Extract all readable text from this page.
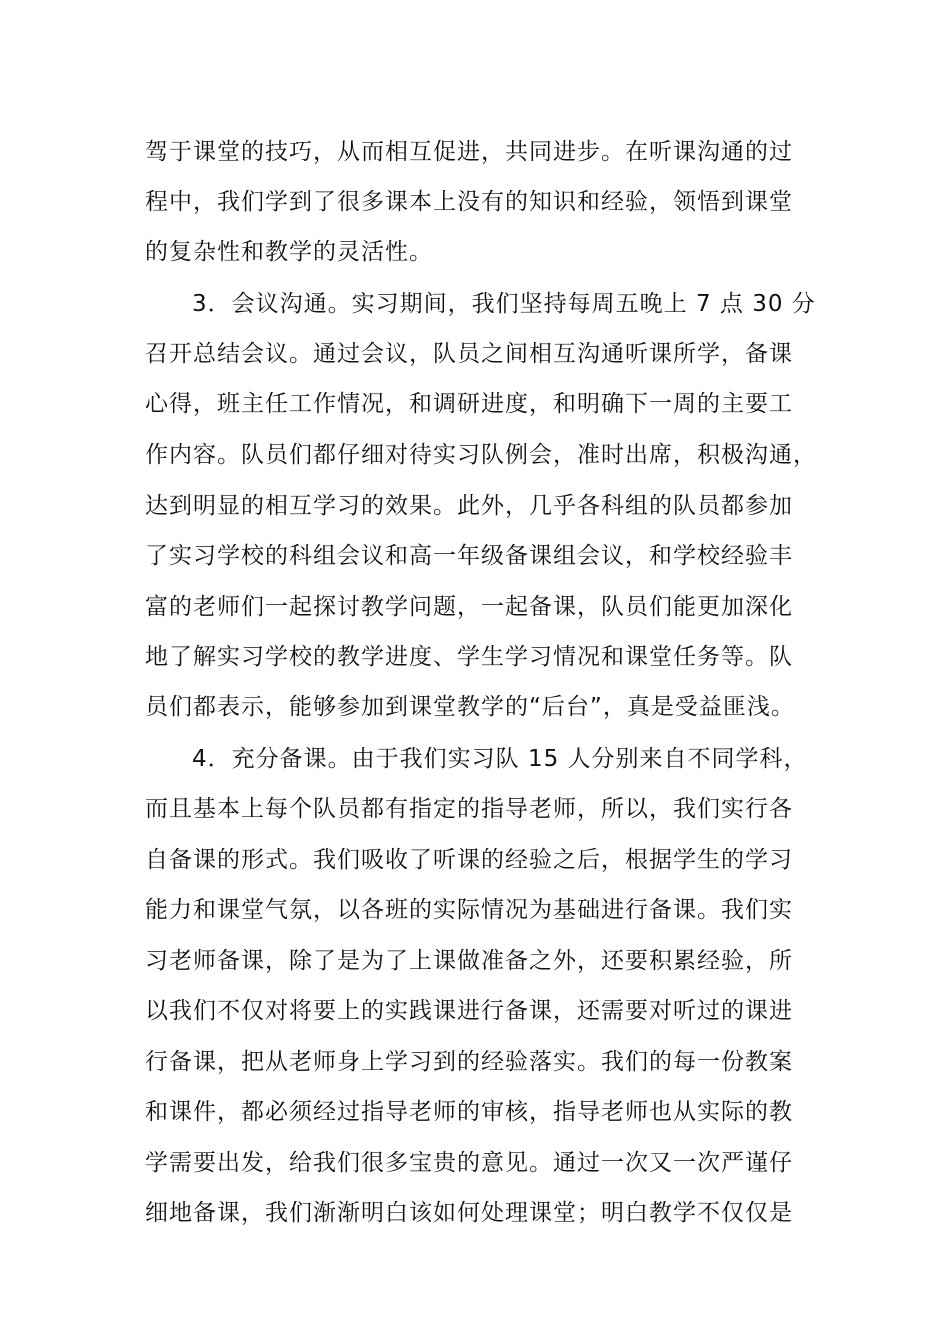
驾于课堂的技巧，从而相互促进，共同进步。在听课沟通的过
程中，我们学到了很多课本上没有的知识和经验，领悟到课堂
的复杂性和教学的灵活性。
3．会议沟通。实习期间，我们坚持每周五晚上 7 点 30 分
召开总结会议。通过会议，队员之间相互沟通听课所学，备课
心得，班主任工作情况，和调研进度，和明确下一周的主要工
作内容。队员们都仔细对待实习队例会，准时出席，积极沟通，
达到明显的相互学习的效果。此外，几乎各科组的队员都参加
了实习学校的科组会议和高一年级备课组会议，和学校经验丰
富的老师们一起探讨教学问题，一起备课，队员们能更加深化
地了解实习学校的教学进度、学生学习情况和课堂任务等。队
员们都表示，能够参加到课堂教学的“后台”，真是受益匪浅。
4．充分备课。由于我们实习队 15 人分别来自不同学科，
而且基本上每个队员都有指定的指导老师，所以，我们实行各
自备课的形式。我们吸收了听课的经验之后，根据学生的学习
能力和课堂气氛，以各班的实际情况为基础进行备课。我们实
习老师备课，除了是为了上课做准备之外，还要积累经验，所
以我们不仅对将要上的实践课进行备课，还需要对听过的课进
行备课，把从老师身上学习到的经验落实。我们的每一份教案
和课件，都必须经过指导老师的审核，指导老师也从实际的教
学需要出发，给我们很多宝贵的意见。通过一次又一次严谨仔
细地备课，我们渐渐明白该如何处理课堂；明白教学不仅仅是
